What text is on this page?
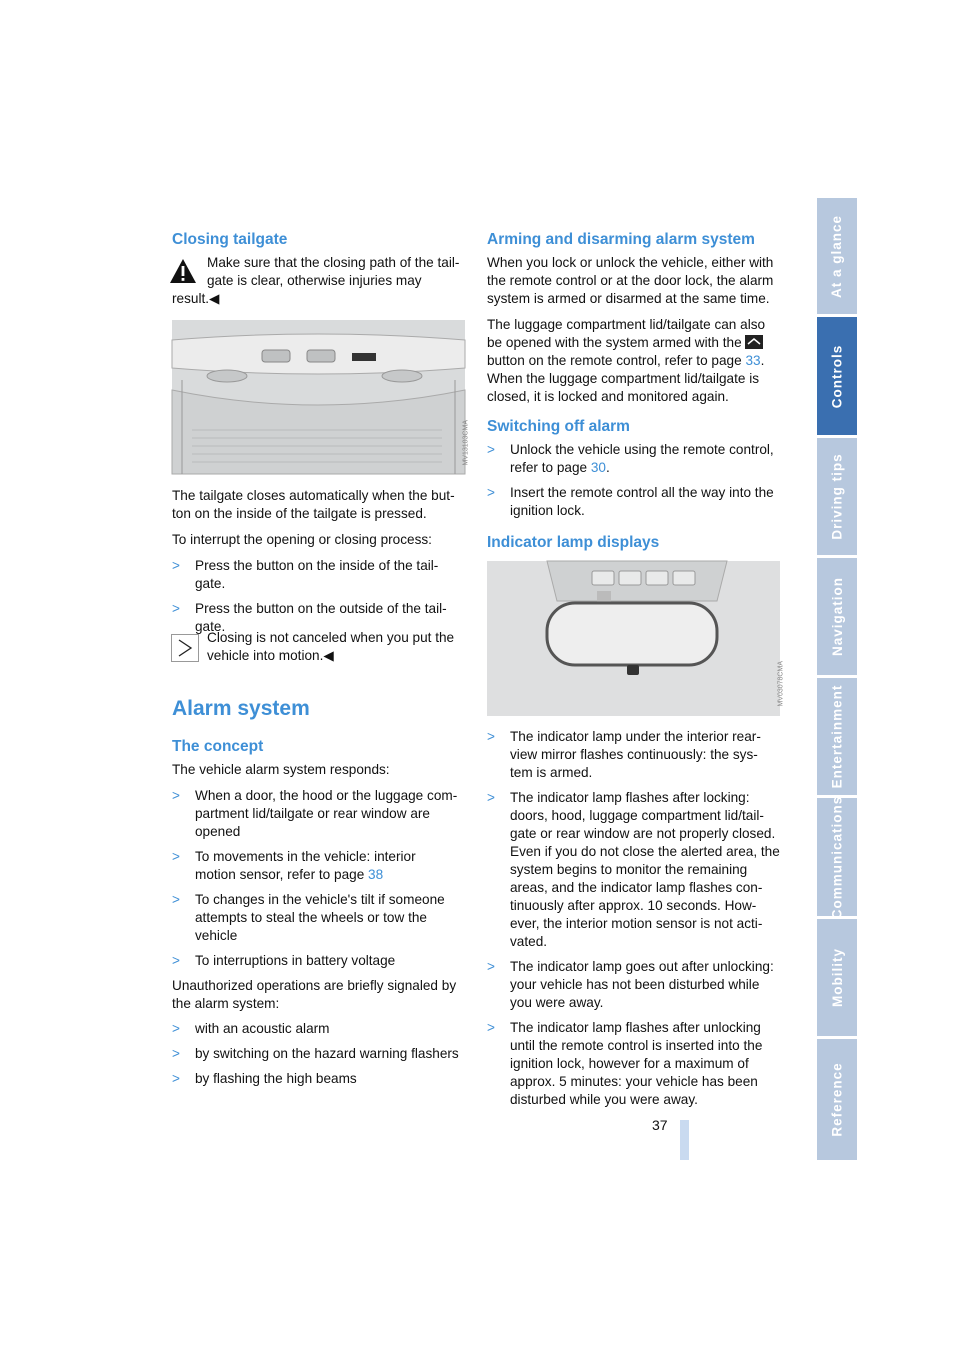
At a glance
Controls
Driving tips
Navigation
Entertainment
Communications
Mobility
Reference
Closing tailgate
Make sure that the closing path of the tail-
gate is clear, otherwise injuries may
result.◀
MV13103CMA
The tailgate closes automatically when the but-
ton on the inside of the tailgate is pressed.
To interrupt the opening or closing process:
> Press the button on the inside of the tail-
gate.
> Press the button on the outside of the tail-
gate.
Closing is not canceled when you put the
vehicle into motion.◀
Alarm system
The concept
The vehicle alarm system responds:
> When a door, the hood or the luggage com-
partment lid/tailgate or rear window are
opened
> To movements in the vehicle: interior
motion sensor, refer to page 38
> To changes in the vehicle's tilt if someone
attempts to steal the wheels or tow the
vehicle
> To interruptions in battery voltage
Unauthorized operations are briefly signaled by
the alarm system:
> with an acoustic alarm
> by switching on the hazard warning flashers
> by flashing the high beams
Arming and disarming alarm system
When you lock or unlock the vehicle, either with
the remote control or at the door lock, the alarm
system is armed or disarmed at the same time.
The luggage compartment lid/tailgate can also
be opened with the system armed with the
button on the remote control, refer to page 33.
When the luggage compartment lid/tailgate is
closed, it is locked and monitored again.
Switching off alarm
> Unlock the vehicle using the remote control,
refer to page 30.
> Insert the remote control all the way into the
ignition lock.
Indicator lamp displays
MV03078CMA
> The indicator lamp under the interior rear-
view mirror flashes continuously: the sys-
tem is armed.
> The indicator lamp flashes after locking:
doors, hood, luggage compartment lid/tail-
gate or rear window are not properly closed.
Even if you do not close the alerted area, the
system begins to monitor the remaining
areas, and the indicator lamp flashes con-
tinuously after approx. 10 seconds. How-
ever, the interior motion sensor is not acti-
vated.
> The indicator lamp goes out after unlocking:
your vehicle has not been disturbed while
you were away.
> The indicator lamp flashes after unlocking
until the remote control is inserted into the
ignition lock, however for a maximum of
approx. 5 minutes: your vehicle has been
disturbed while you were away.
37
